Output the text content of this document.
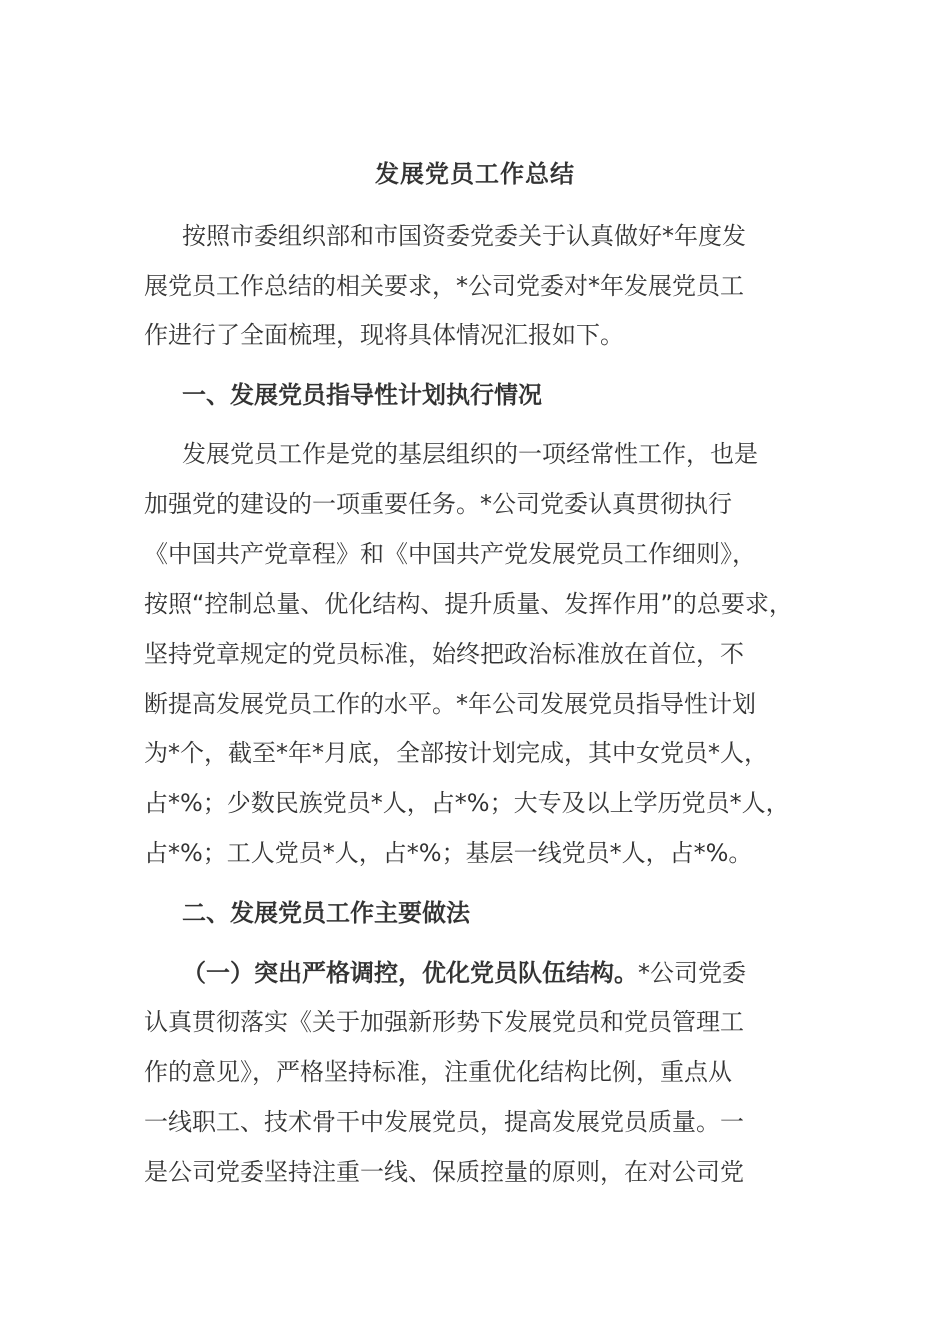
发展党员工作总结
按照市委组织部和市国资委党委关于认真做好*年度发
展党员工作总结的相关要求，*公司党委对*年发展党员工
作进行了全面梳理，现将具体情况汇报如下。
一、发展党员指导性计划执行情况
发展党员工作是党的基层组织的一项经常性工作，也是
加强党的建设的一项重要任务。*公司党委认真贯彻执行
《中国共产党章程》和《中国共产党发展党员工作细则》，
按照“控制总量、优化结构、提升质量、发挥作用”的总要求，
坚持党章规定的党员标准，始终把政治标准放在首位，不
断提高发展党员工作的水平。*年公司发展党员指导性计划
为*个，截至*年*月底，全部按计划完成，其中女党员*人，
占*%；少数民族党员*人，占*%；大专及以上学历党员*人，
占*%；工人党员*人，占*%；基层一线党员*人，占*%。
二、发展党员工作主要做法
（一）突出严格调控，优化党员队伍结构。*公司党委
认真贯彻落实《关于加强新形势下发展党员和党员管理工
作的意见》，严格坚持标准，注重优化结构比例，重点从
一线职工、技术骨干中发展党员，提高发展党员质量。一
是公司党委坚持注重一线、保质控量的原则，在对公司党
